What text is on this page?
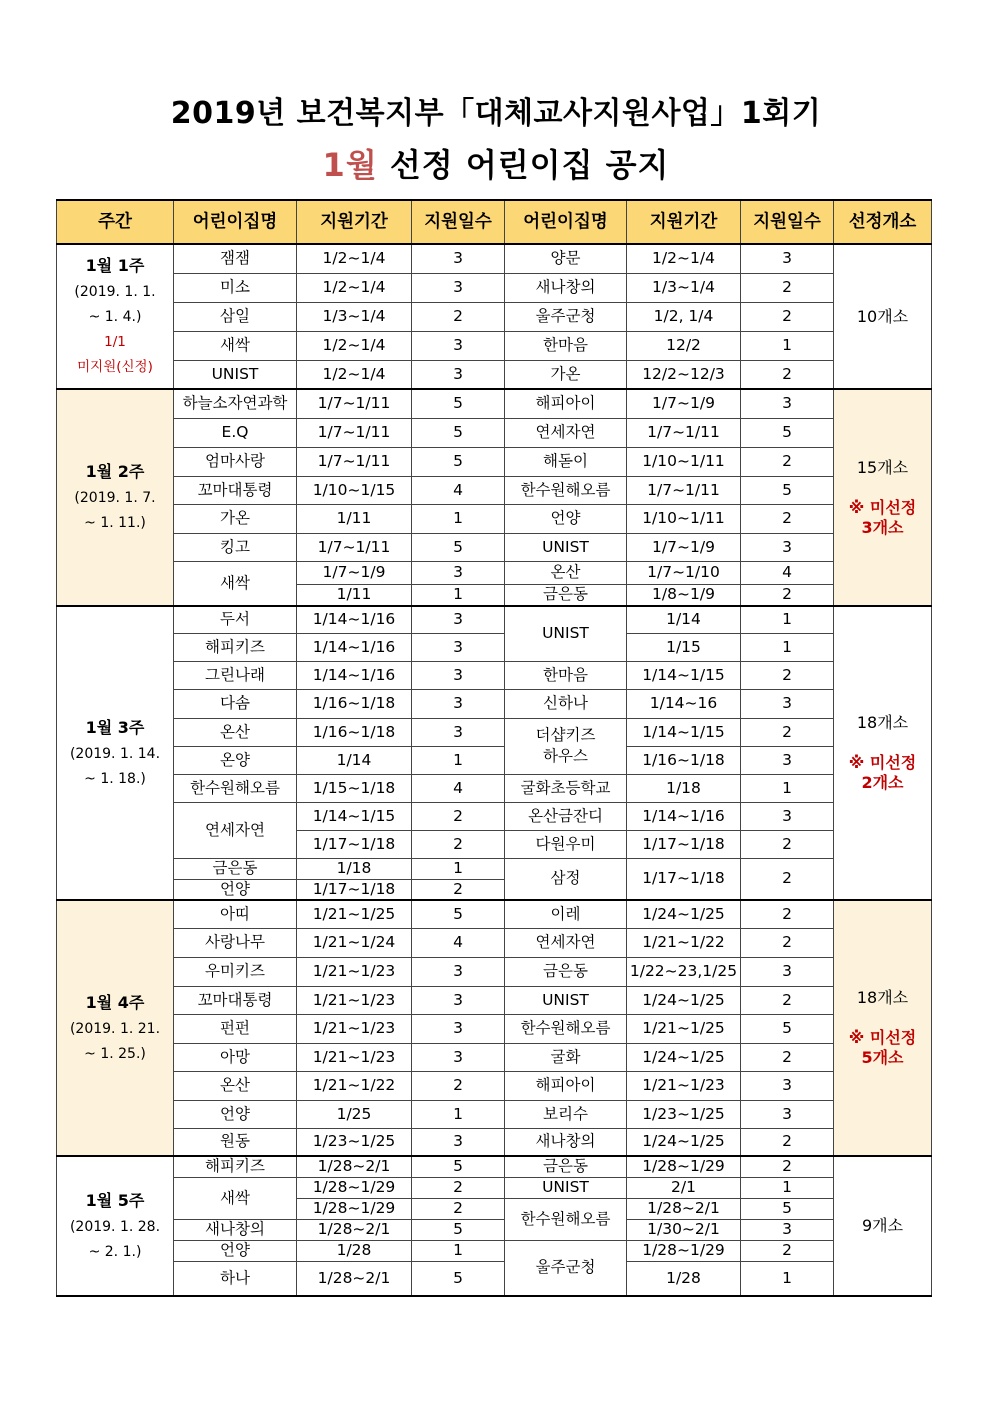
2019년 보건복지부「대체교사지원사업」1회기
1월 선정 어린이집 공지
주간	어린이집명	지원기간	지원일수	어린이집명	지원기간	지원일수	선정개소
1월 1주
(2019. 1. 1.
~ 1. 4.)
1/1
미지원(신정)	잼잼	1/2~1/4	3	양문	1/2~1/4	3	10개소
	미소	1/2~1/4	3	새나창의	1/3~1/4	2	
	삼일	1/3~1/4	2	울주군청	1/2, 1/4	2	
	새싹	1/2~1/4	3	한마음	12/2	1	
	UNIST	1/2~1/4	3	가온	12/2~12/3	2	
1월 2주
(2019. 1. 7.
~ 1. 11.)	하늘소자연과학	1/7~1/11	5	해피아이	1/7~1/9	3	15개소

※ 미선정
3개소
	E.Q	1/7~1/11	5	연세자연	1/7~1/11	5	
	엄마사랑	1/7~1/11	5	해돋이	1/10~1/11	2	
	꼬마대통령	1/10~1/15	4	한수원해오름	1/7~1/11	5	
	가온	1/11	1	언양	1/10~1/11	2	
	킹고	1/7~1/11	5	UNIST	1/7~1/9	3	
	새싹	1/7~1/9	3	온산	1/7~1/10	4	
		1/11	1	금은동	1/8~1/9	2	
1월 3주
(2019. 1. 14.
~ 1. 18.)	두서	1/14~1/16	3	UNIST	1/14	1	18개소

※ 미선정
2개소
	해피키즈	1/14~1/16	3		1/15	1	
	그린나래	1/14~1/16	3	한마음	1/14~1/15	2	
	다솜	1/16~1/18	3	신하나	1/14~16	3	
	온산	1/16~1/18	3	더샵키즈
하우스	1/14~1/15	2	
	온양	1/14	1		1/16~1/18	3	
	한수원해오름	1/15~1/18	4	굴화초등학교	1/18	1	
	연세자연	1/14~1/15	2	온산금잔디	1/14~1/16	3	
		1/17~1/18	2	다원우미	1/17~1/18	2	
	금은동	1/18	1	삼정	1/17~1/18	2	
	언양	1/17~1/18	2				
1월 4주
(2019. 1. 21.
~ 1. 25.)	아띠	1/21~1/25	5	이레	1/24~1/25	2	18개소

※ 미선정
5개소
	사랑나무	1/21~1/24	4	연세자연	1/21~1/22	2	
	우미키즈	1/21~1/23	3	금은동	1/22~23,1/25	3	
	꼬마대통령	1/21~1/23	3	UNIST	1/24~1/25	2	
	펀펀	1/21~1/23	3	한수원해오름	1/21~1/25	5	
	아망	1/21~1/23	3	굴화	1/24~1/25	2	
	온산	1/21~1/22	2	해피아이	1/21~1/23	3	
	언양	1/25	1	보리수	1/23~1/25	3	
	원동	1/23~1/25	3	새나창의	1/24~1/25	2	
1월 5주
(2019. 1. 28.
~ 2. 1.)	해피키즈	1/28~2/1	5	금은동	1/28~1/29	2	9개소
	새싹	1/28~1/29	2	UNIST	2/1	1	
		1/28~1/29	2	한수원해오름	1/28~2/1	5	
	새나창의	1/28~2/1	5		1/30~2/1	3	
	언양	1/28	1	울주군청	1/28~1/29	2	
	하나	1/28~2/1	5		1/28	1	
